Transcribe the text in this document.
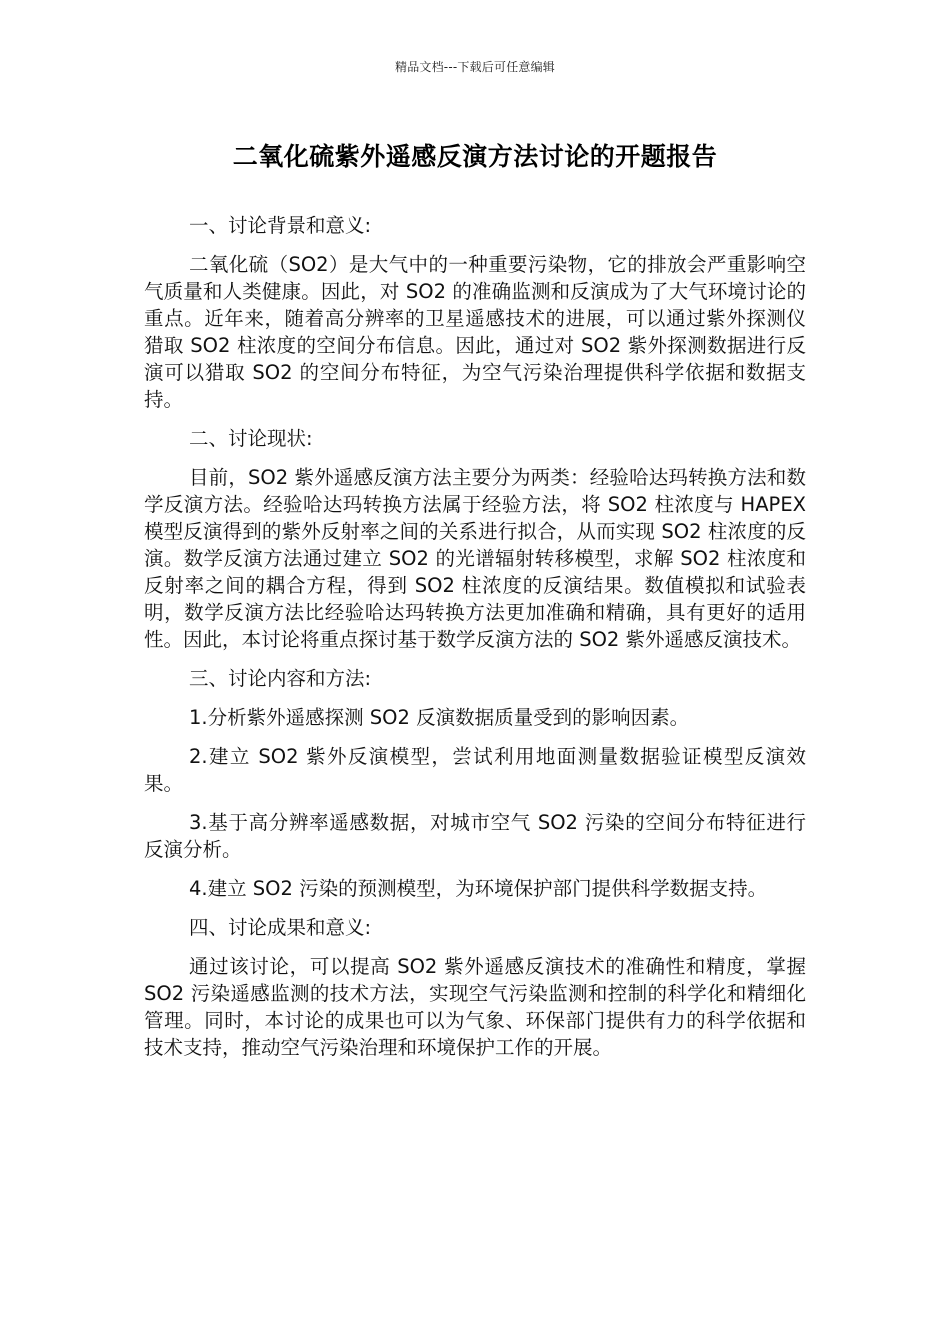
精品文档---下载后可任意编辑
二氧化硫紫外遥感反演方法讨论的开题报告

一、讨论背景和意义:

二氧化硫（SO2）是大气中的一种重要污染物，它的排放会严重影响空气质量和人类健康。因此，对 SO2 的准确监测和反演成为了大气环境讨论的重点。近年来，随着高分辨率的卫星遥感技术的进展，可以通过紫外探测仪猎取 SO2 柱浓度的空间分布信息。因此，通过对 SO2 紫外探测数据进行反演可以猎取 SO2 的空间分布特征，为空气污染治理提供科学依据和数据支持。

二、讨论现状:

目前，SO2 紫外遥感反演方法主要分为两类：经验哈达玛转换方法和数学反演方法。经验哈达玛转换方法属于经验方法，将 SO2 柱浓度与 HAPEX 模型反演得到的紫外反射率之间的关系进行拟合，从而实现 SO2 柱浓度的反演。数学反演方法通过建立 SO2 的光谱辐射转移模型，求解 SO2 柱浓度和反射率之间的耦合方程，得到 SO2 柱浓度的反演结果。数值模拟和试验表明，数学反演方法比经验哈达玛转换方法更加准确和精确，具有更好的适用性。因此，本讨论将重点探讨基于数学反演方法的 SO2 紫外遥感反演技术。

三、讨论内容和方法:

1.分析紫外遥感探测 SO2 反演数据质量受到的影响因素。

2.建立 SO2 紫外反演模型，尝试利用地面测量数据验证模型反演效果。

3.基于高分辨率遥感数据，对城市空气 SO2 污染的空间分布特征进行反演分析。

4.建立 SO2 污染的预测模型，为环境保护部门提供科学数据支持。

四、讨论成果和意义:

通过该讨论，可以提高 SO2 紫外遥感反演技术的准确性和精度，掌握 SO2 污染遥感监测的技术方法，实现空气污染监测和控制的科学化和精细化管理。同时，本讨论的成果也可以为气象、环保部门提供有力的科学依据和技术支持，推动空气污染治理和环境保护工作的开展。
